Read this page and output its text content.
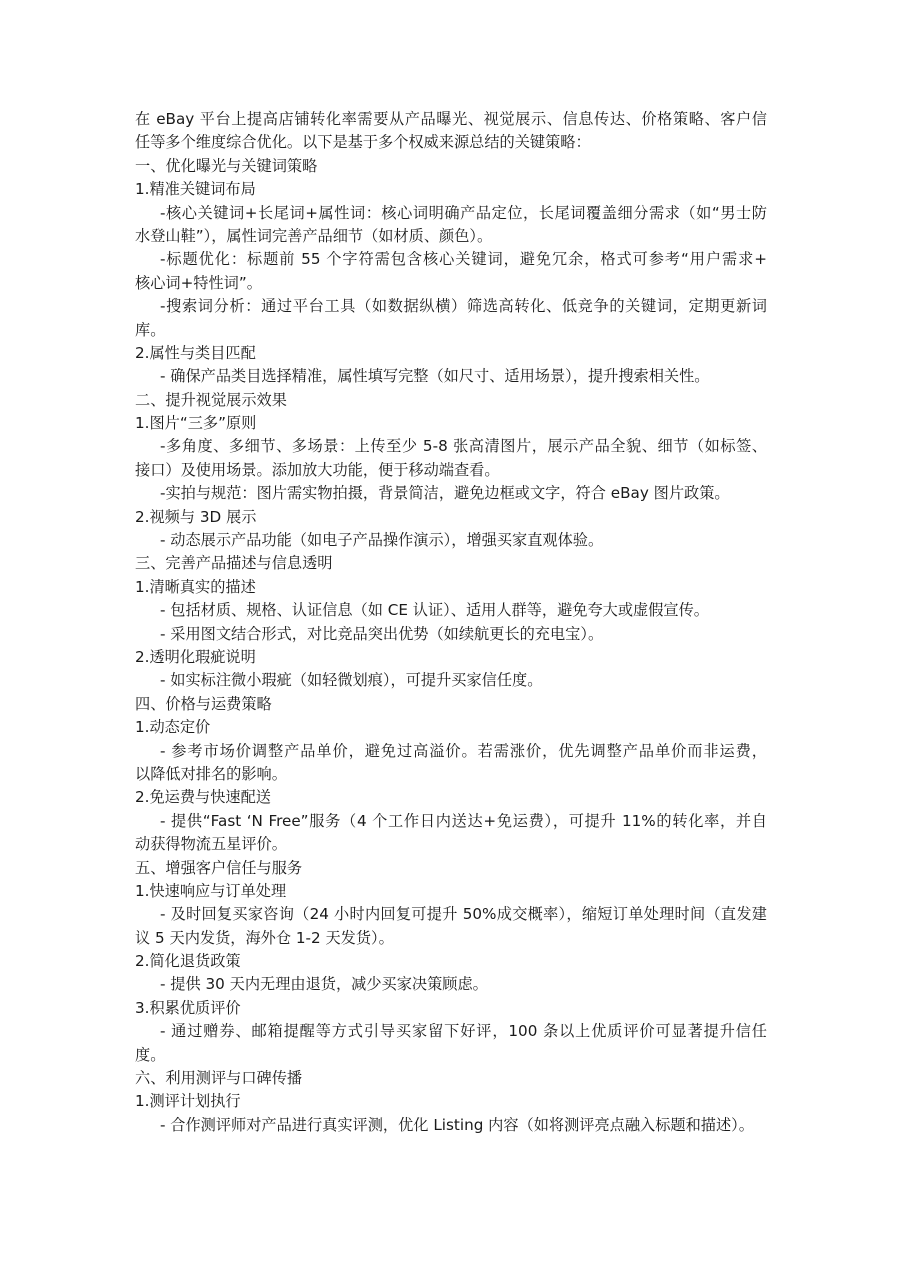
在 eBay 平台上提高店铺转化率需要从产品曝光、视觉展示、信息传达、价格策略、客户信
任等多个维度综合优化。以下是基于多个权威来源总结的关键策略：
一、优化曝光与关键词策略
1.精准关键词布局
-核心关键词+长尾词+属性词：核心词明确产品定位，长尾词覆盖细分需求（如“男士防
水登山鞋”），属性词完善产品细节（如材质、颜色）。
-标题优化：标题前 55 个字符需包含核心关键词，避免冗余，格式可参考“用户需求+
核心词+特性词”。
-搜索词分析：通过平台工具（如数据纵横）筛选高转化、低竞争的关键词，定期更新词
库。
2.属性与类目匹配
- 确保产品类目选择精准，属性填写完整（如尺寸、适用场景），提升搜索相关性。
二、提升视觉展示效果
1.图片“三多”原则
-多角度、多细节、多场景：上传至少 5-8 张高清图片，展示产品全貌、细节（如标签、
接口）及使用场景。添加放大功能，便于移动端查看。
-实拍与规范：图片需实物拍摄，背景简洁，避免边框或文字，符合 eBay 图片政策。
2.视频与 3D 展示
- 动态展示产品功能（如电子产品操作演示），增强买家直观体验。
三、完善产品描述与信息透明
1.清晰真实的描述
- 包括材质、规格、认证信息（如 CE 认证）、适用人群等，避免夸大或虚假宣传。
- 采用图文结合形式，对比竞品突出优势（如续航更长的充电宝）。
2.透明化瑕疵说明
- 如实标注微小瑕疵（如轻微划痕），可提升买家信任度。
四、价格与运费策略
1.动态定价
- 参考市场价调整产品单价，避免过高溢价。若需涨价，优先调整产品单价而非运费，
以降低对排名的影响。
2.免运费与快速配送
- 提供“Fast ‘N Free”服务（4 个工作日内送达+免运费），可提升 11%的转化率，并自
动获得物流五星评价。
五、增强客户信任与服务
1.快速响应与订单处理
- 及时回复买家咨询（24 小时内回复可提升 50%成交概率），缩短订单处理时间（直发建
议 5 天内发货，海外仓 1-2 天发货）。
2.简化退货政策
- 提供 30 天内无理由退货，减少买家决策顾虑。
3.积累优质评价
- 通过赠券、邮箱提醒等方式引导买家留下好评，100 条以上优质评价可显著提升信任
度。
六、利用测评与口碑传播
1.测评计划执行
- 合作测评师对产品进行真实评测，优化 Listing 内容（如将测评亮点融入标题和描述）。
